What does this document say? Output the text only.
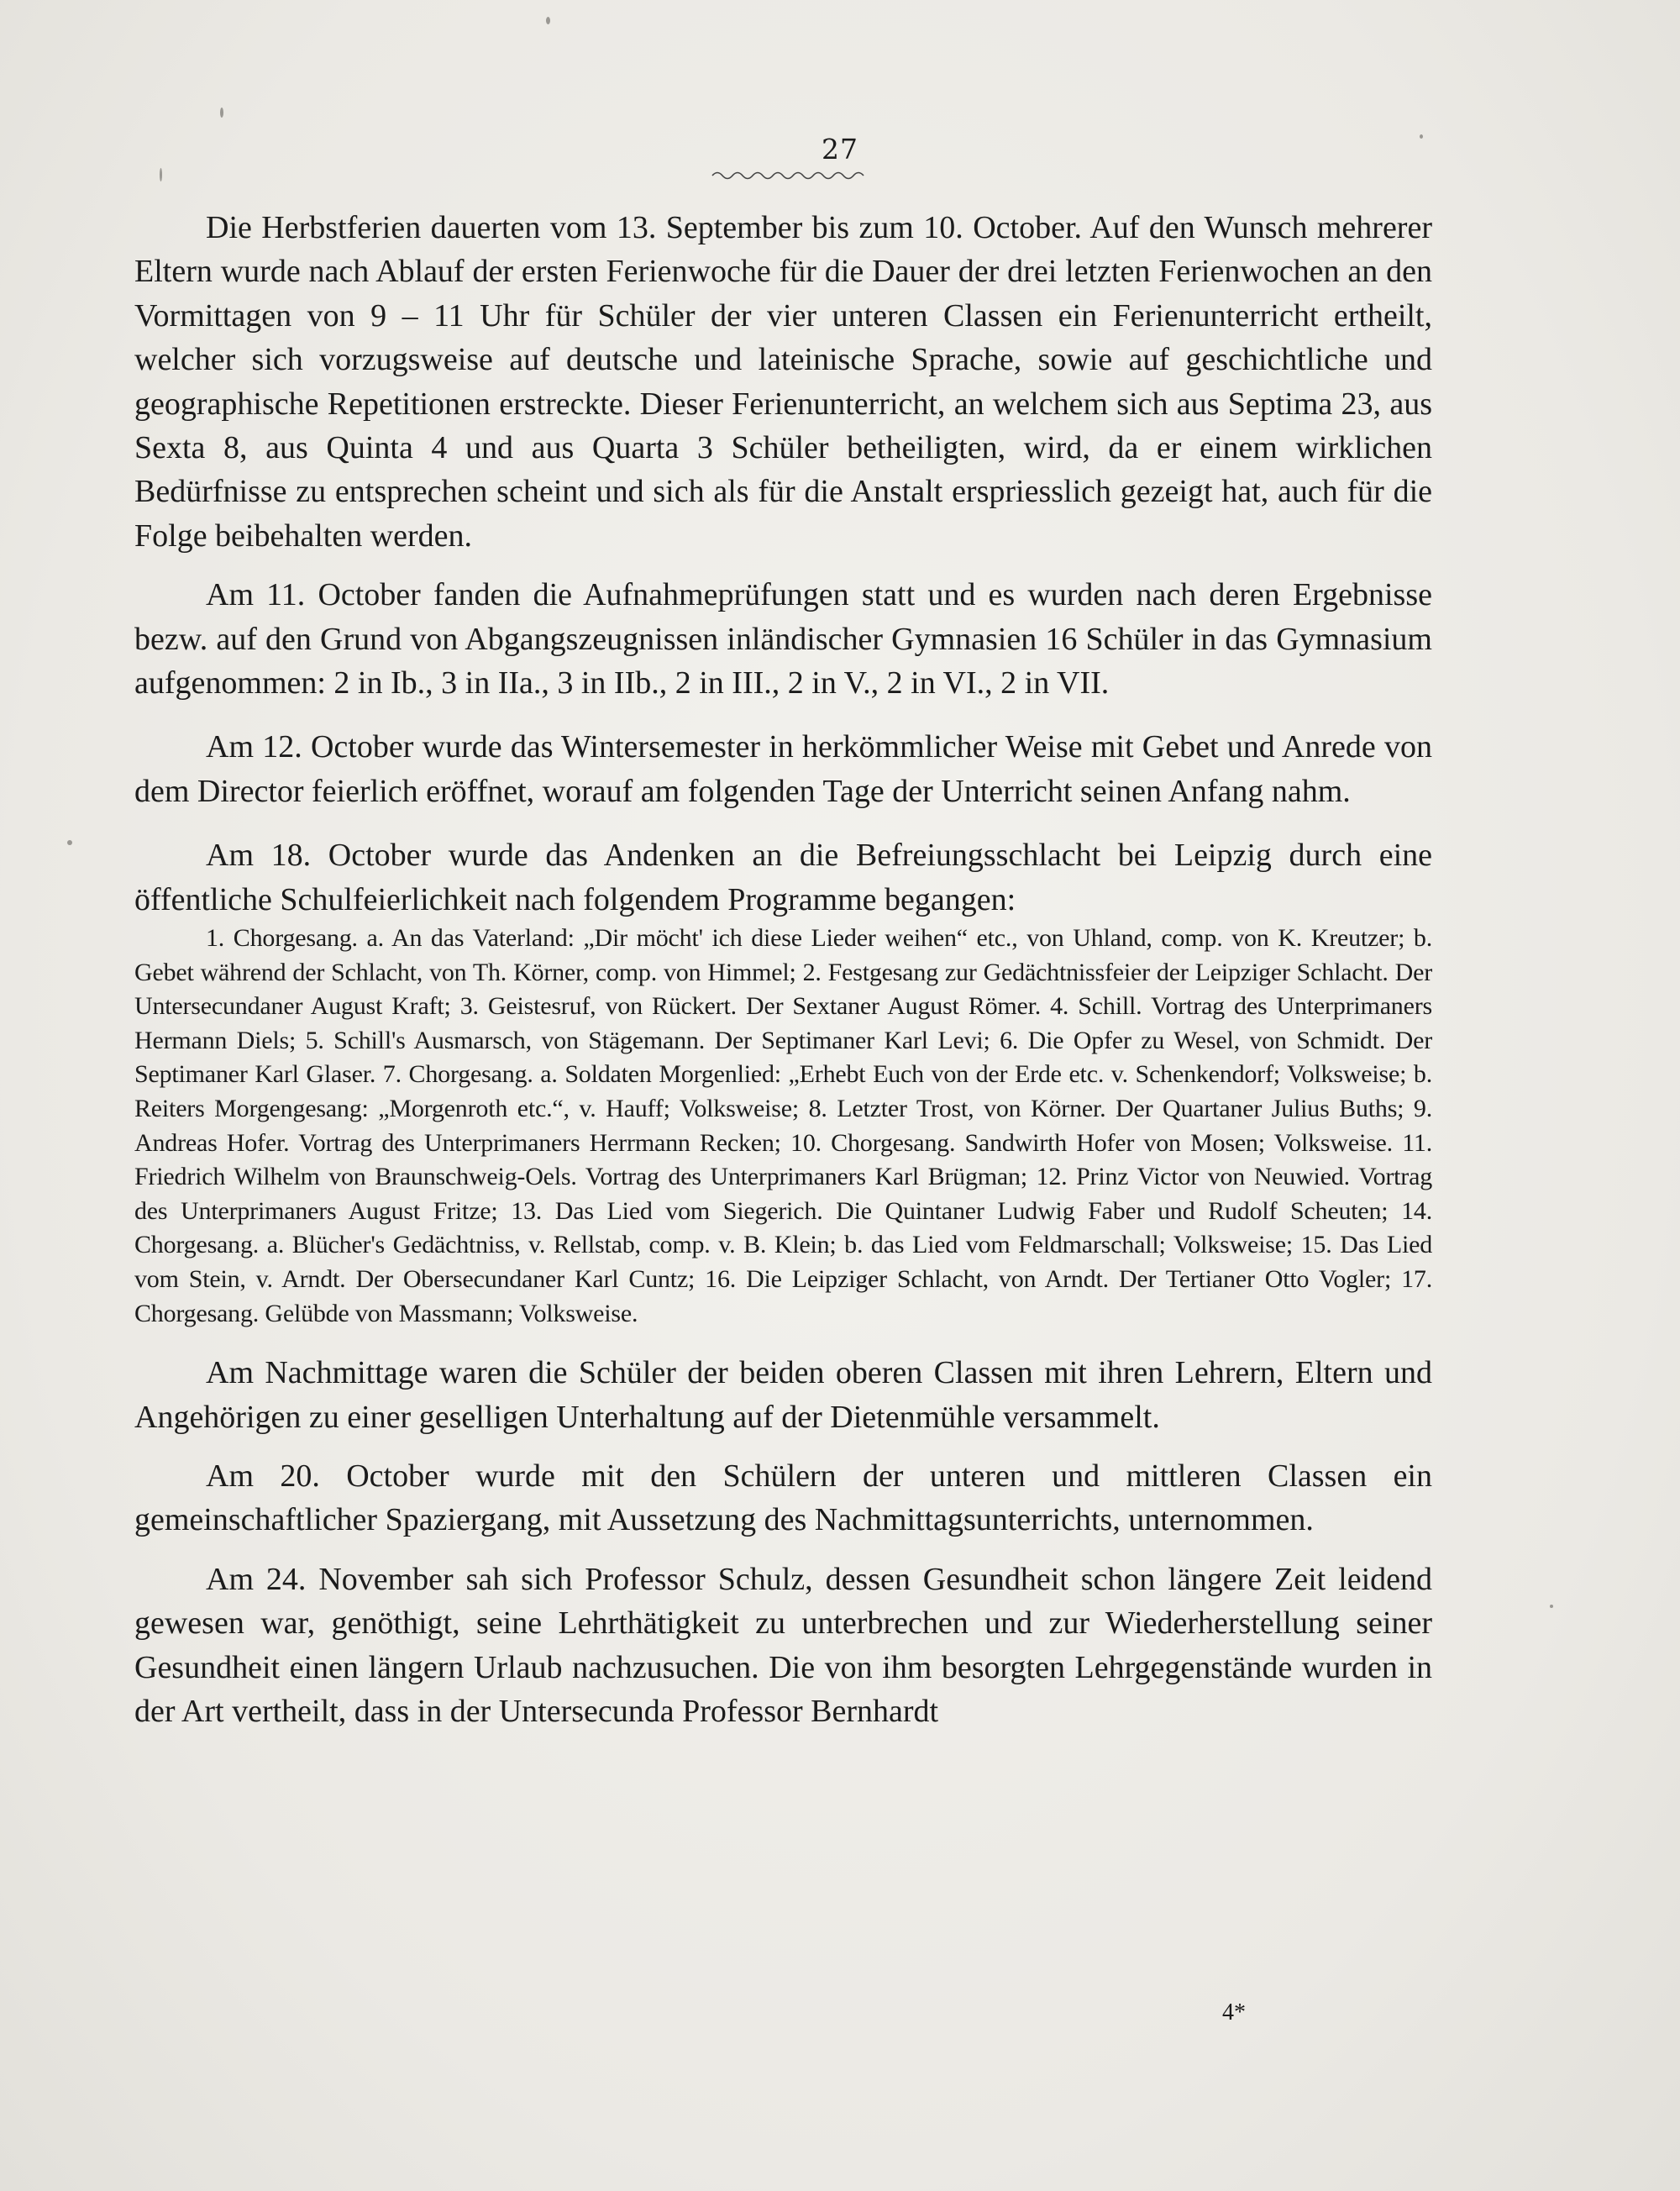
27

Die Herbstferien dauerten vom 13. September bis zum 10. October. Auf den Wunsch mehrerer Eltern wurde nach Ablauf der ersten Ferienwoche für die Dauer der drei letzten Ferienwochen an den Vormittagen von 9 – 11 Uhr für Schüler der vier unteren Classen ein Ferienunterricht ertheilt, welcher sich vorzugsweise auf deutsche und lateinische Sprache, sowie auf geschichtliche und geographische Repetitionen erstreckte. Dieser Ferienunterricht, an welchem sich aus Septima 23, aus Sexta 8, aus Quinta 4 und aus Quarta 3 Schüler betheiligten, wird, da er einem wirklichen Bedürfnisse zu entsprechen scheint und sich als für die Anstalt erspriesslich gezeigt hat, auch für die Folge beibehalten werden.

Am 11. October fanden die Aufnahmeprüfungen statt und es wurden nach deren Ergebnisse bezw. auf den Grund von Abgangszeugnissen inländischer Gymnasien 16 Schüler in das Gymnasium aufgenommen: 2 in Ib., 3 in IIa., 3 in IIb., 2 in III., 2 in V., 2 in VI., 2 in VII.

Am 12. October wurde das Wintersemester in herkömmlicher Weise mit Gebet und Anrede von dem Director feierlich eröffnet, worauf am folgenden Tage der Unterricht seinen Anfang nahm.

Am 18. October wurde das Andenken an die Befreiungsschlacht bei Leipzig durch eine öffentliche Schulfeierlichkeit nach folgendem Programme begangen:

1. Chorgesang. a. An das Vaterland: „Dir möcht' ich diese Lieder weihen“ etc., von Uhland, comp. von K. Kreutzer; b. Gebet während der Schlacht, von Th. Körner, comp. von Himmel; 2. Festgesang zur Gedächtnissfeier der Leipziger Schlacht. Der Untersecundaner August Kraft; 3. Geistesruf, von Rückert. Der Sextaner August Römer. 4. Schill. Vortrag des Unterprimaners Hermann Diels; 5. Schill's Ausmarsch, von Stägemann. Der Septimaner Karl Levi; 6. Die Opfer zu Wesel, von Schmidt. Der Septimaner Karl Glaser. 7. Chorgesang. a. Soldaten Morgenlied: „Erhebt Euch von der Erde etc. v. Schenkendorf; Volksweise; b. Reiters Morgengesang: „Morgenroth etc.“, v. Hauff; Volksweise; 8. Letzter Trost, von Körner. Der Quartaner Julius Buths; 9. Andreas Hofer. Vortrag des Unterprimaners Herrmann Recken; 10. Chorgesang. Sandwirth Hofer von Mosen; Volksweise. 11. Friedrich Wilhelm von Braunschweig-Oels. Vortrag des Unterprimaners Karl Brügman; 12. Prinz Victor von Neuwied. Vortrag des Unterprimaners August Fritze; 13. Das Lied vom Siegerich. Die Quintaner Ludwig Faber und Rudolf Scheuten; 14. Chorgesang. a. Blücher's Gedächtniss, v. Rellstab, comp. v. B. Klein; b. das Lied vom Feldmarschall; Volksweise; 15. Das Lied vom Stein, v. Arndt. Der Obersecundaner Karl Cuntz; 16. Die Leipziger Schlacht, von Arndt. Der Tertianer Otto Vogler; 17. Chorgesang. Gelübde von Massmann; Volksweise.

Am Nachmittage waren die Schüler der beiden oberen Classen mit ihren Lehrern, Eltern und Angehörigen zu einer geselligen Unterhaltung auf der Dietenmühle versammelt.

Am 20. October wurde mit den Schülern der unteren und mittleren Classen ein gemeinschaftlicher Spaziergang, mit Aussetzung des Nachmittagsunterrichts, unternommen.

Am 24. November sah sich Professor Schulz, dessen Gesundheit schon längere Zeit leidend gewesen war, genöthigt, seine Lehrthätigkeit zu unterbrechen und zur Wiederherstellung seiner Gesundheit einen längern Urlaub nachzusuchen. Die von ihm besorgten Lehrgegenstände wurden in der Art vertheilt, dass in der Untersecunda Professor Bernhardt

4*
